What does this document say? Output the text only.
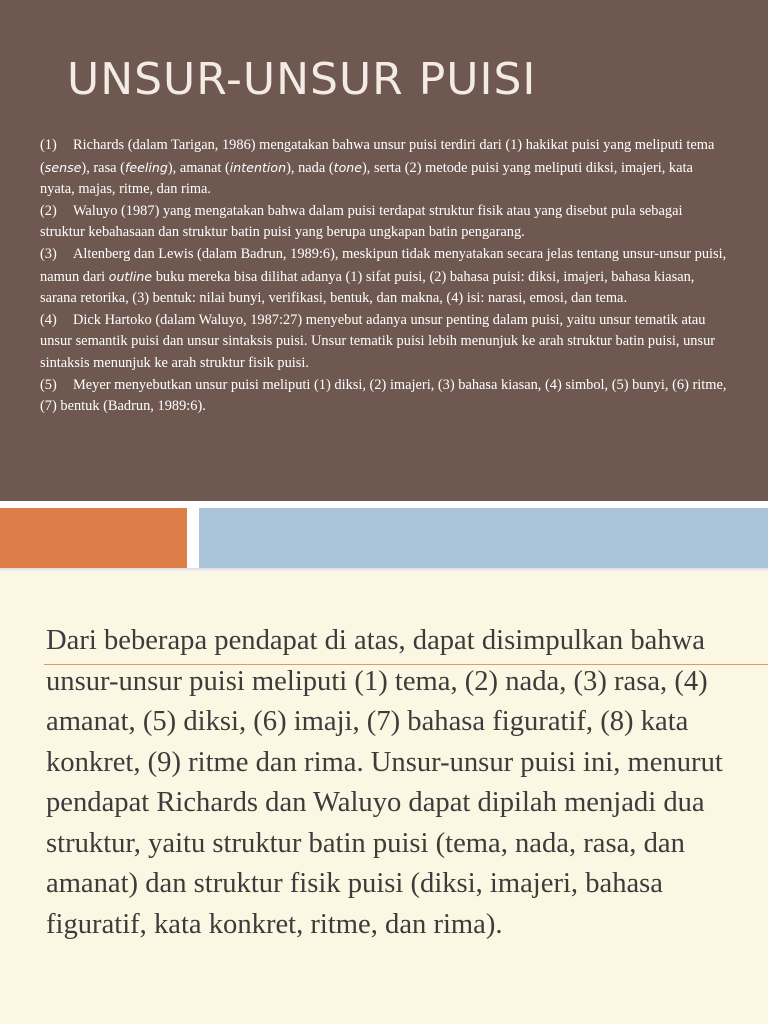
UNSUR-UNSUR PUISI
(1) Richards (dalam Tarigan, 1986) mengatakan bahwa unsur puisi terdiri dari (1) hakikat puisi yang meliputi tema (sense), rasa (feeling), amanat (intention), nada (tone), serta (2) metode puisi yang meliputi diksi, imajeri, kata nyata, majas, ritme, dan rima.
(2) Waluyo (1987) yang mengatakan bahwa dalam puisi terdapat struktur fisik atau yang disebut pula sebagai struktur kebahasaan dan struktur batin puisi yang berupa ungkapan batin pengarang.
(3) Altenberg dan Lewis (dalam Badrun, 1989:6), meskipun tidak menyatakan secara jelas tentang unsur-unsur puisi, namun dari outline buku mereka bisa dilihat adanya (1) sifat puisi, (2) bahasa puisi: diksi, imajeri, bahasa kiasan, sarana retorika, (3) bentuk: nilai bunyi, verifikasi, bentuk, dan makna, (4) isi: narasi, emosi, dan tema.
(4) Dick Hartoko (dalam Waluyo, 1987:27) menyebut adanya unsur penting dalam puisi, yaitu unsur tematik atau unsur semantik puisi dan unsur sintaksis puisi. Unsur tematik puisi lebih menunjuk ke arah struktur batin puisi, unsur sintaksis menunjuk ke arah struktur fisik puisi.
(5) Meyer menyebutkan unsur puisi meliputi (1) diksi, (2) imajeri, (3) bahasa kiasan, (4) simbol, (5) bunyi, (6) ritme, (7) bentuk (Badrun, 1989:6).

Dari beberapa pendapat di atas, dapat disimpulkan bahwa unsur-unsur puisi meliputi (1) tema, (2) nada, (3) rasa, (4) amanat, (5) diksi, (6) imaji, (7) bahasa figuratif, (8) kata konkret, (9) ritme dan rima. Unsur-unsur puisi ini, menurut pendapat Richards dan Waluyo dapat dipilah menjadi dua struktur, yaitu struktur batin puisi (tema, nada, rasa, dan amanat) dan struktur fisik puisi (diksi, imajeri, bahasa figuratif, kata konkret, ritme, dan rima).
